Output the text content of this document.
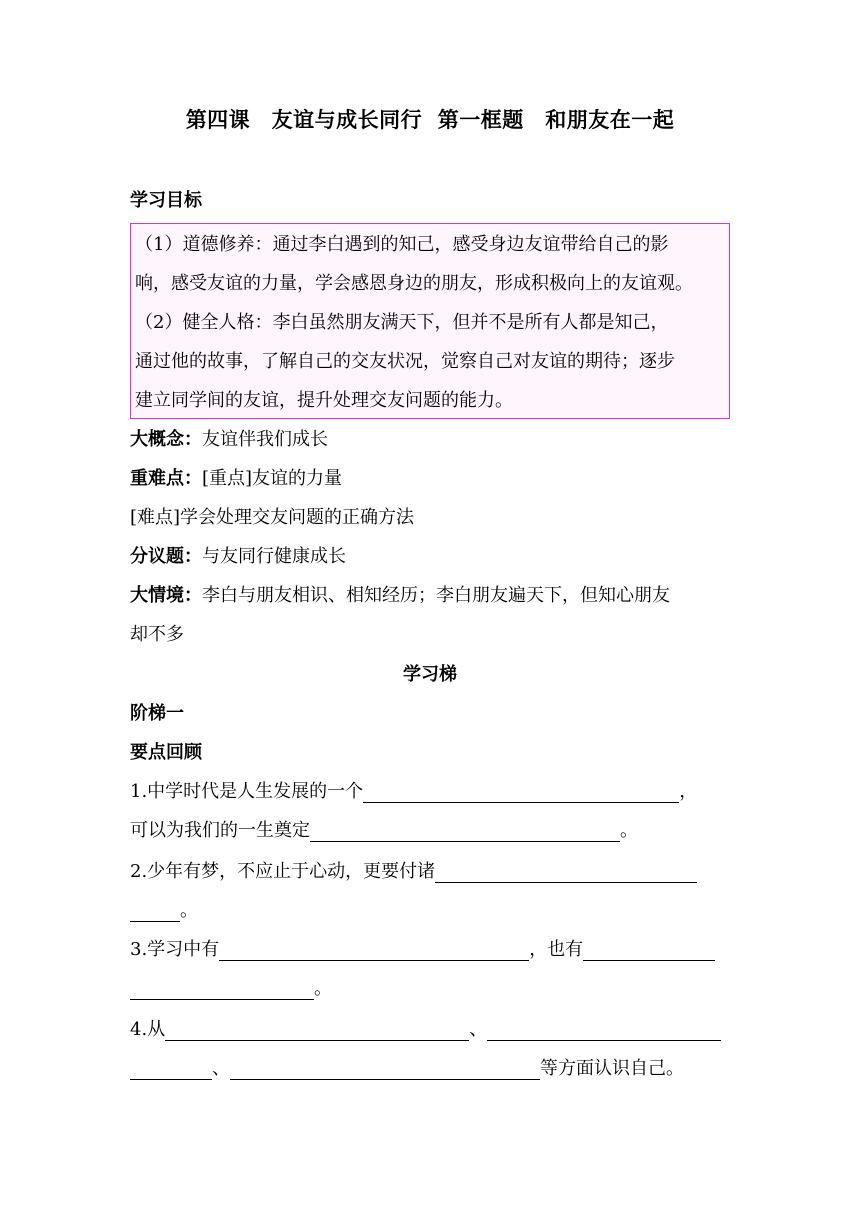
第四课　友谊与成长同行  第一框题　和朋友在一起
学习目标
（1）道德修养：通过李白遇到的知己，感受身边友谊带给自己的影
响，感受友谊的力量，学会感恩身边的朋友，形成积极向上的友谊观。
（2）健全人格：李白虽然朋友满天下，但并不是所有人都是知己，
通过他的故事，了解自己的交友状况，觉察自己对友谊的期待；逐步
建立同学间的友谊，提升处理交友问题的能力。
大概念：友谊伴我们成长
重难点：[重点]友谊的力量
[难点]学会处理交友问题的正确方法
分议题：与友同行健康成长
大情境：李白与朋友相识、相知经历；李白朋友遍天下，但知心朋友
却不多
学习梯
阶梯一
要点回顾
1.中学时代是人生发展的一个	，
可以为我们的一生奠定	。
2.少年有梦，不应止于心动，更要付诸
。
3.学习中有	，也有
。
4.从	、
、	等方面认识自己。
